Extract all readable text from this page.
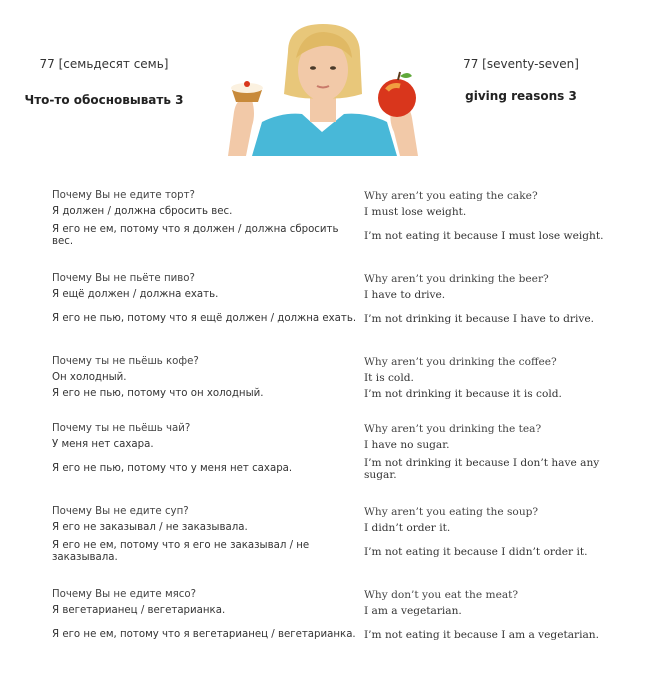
77 [семьдесят семь]
Что-то обосновывать 3
77 [seventy-seven]
giving reasons 3
Почему Вы не едите торт?	Why aren’t you eating the cake?
Я должен / должна сбросить вес.	I must lose weight.
Я его не ем, потому что я должен / должна сбросить вес.	I’m not eating it because I must lose weight.
Почему Вы не пьёте пиво?	Why aren’t you drinking the beer?
Я ещё должен / должна ехать.	I have to drive.
Я его не пью, потому что я ещё должен / должна ехать. I’m not drinking it because I have to drive.
Почему ты не пьёшь кофе?	Why aren’t you drinking the coffee?
Он холодный.	It is cold.
Я его не пью, потому что он холодный.	I’m not drinking it because it is cold.
Почему ты не пьёшь чай?	Why aren’t you drinking the tea?
У меня нет сахара.	I have no sugar.
Я его не пью, потому что у меня нет сахара.	I’m not drinking it because I don’t have any sugar.
Почему Вы не едите суп?	Why aren’t you eating the soup?
Я его не заказывал / не заказывала.	I didn’t order it.
Я его не ем, потому что я его не заказывал / не заказывала.	I’m not eating it because I didn’t order it.
Почему Вы не едите мясо?	Why don’t you eat the meat?
Я вегетарианец / вегетарианка.	I am a vegetarian.
Я его не ем, потому что я вегетарианец / вегетарианка. I’m not eating it because I am a vegetarian.
